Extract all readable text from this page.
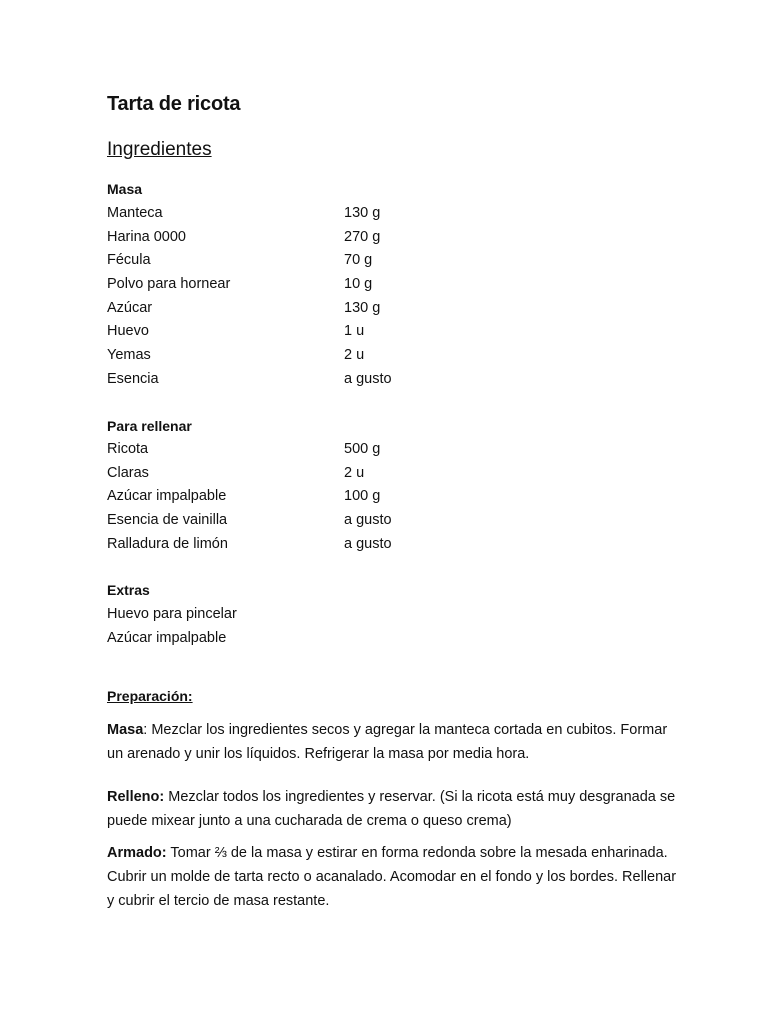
Tarta de ricota
Ingredientes
Masa
Manteca	130 g
Harina 0000	270 g
Fécula	70 g
Polvo para hornear	10 g
Azúcar	130 g
Huevo	1 u
Yemas	2 u
Esencia	a gusto
Para rellenar
Ricota	500 g
Claras	2 u
Azúcar impalpable	100 g
Esencia de vainilla	a gusto
Ralladura de limón	a gusto
Extras
Huevo para pincelar
Azúcar impalpable
Preparación:
Masa: Mezclar los ingredientes secos y agregar la manteca cortada en cubitos. Formar un arenado y unir los líquidos. Refrigerar la masa por media hora.
Relleno: Mezclar todos los ingredientes y reservar. (Si la ricota está muy desgranada se puede mixear junto a una cucharada de crema o queso crema)
Armado: Tomar ⅔ de la masa y estirar en forma redonda sobre la mesada enharinada. Cubrir un molde de tarta recto o acanalado. Acomodar en el fondo y los bordes. Rellenar y cubrir el tercio de masa restante.
